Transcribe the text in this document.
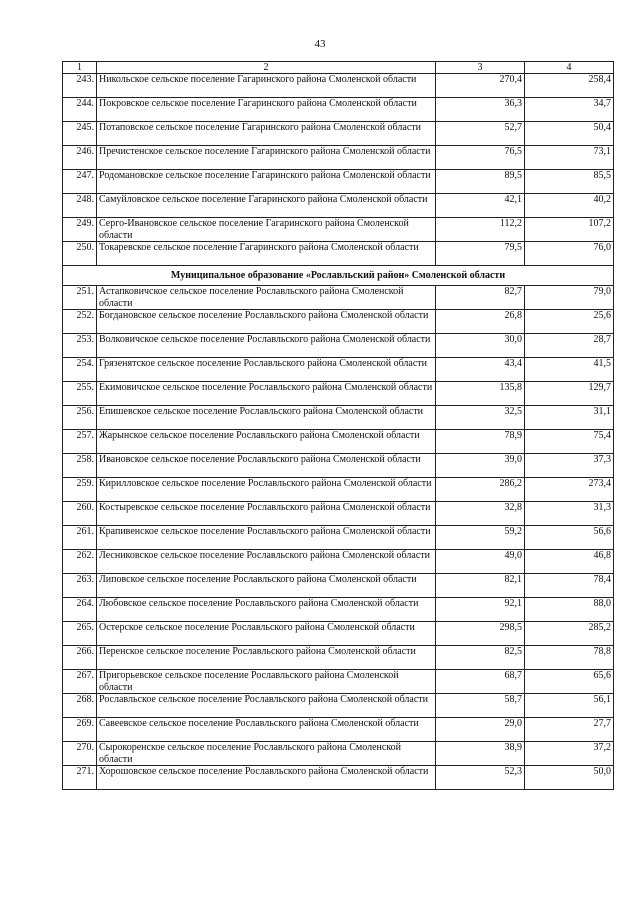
43
1	2	3	4
243.	Никольское сельское поселение Гагаринского района Смоленской области	270,4	258,4
244.	Покровское сельское поселение Гагаринского района Смоленской области	36,3	34,7
245.	Потаповское сельское поселение Гагаринского района Смоленской области	52,7	50,4
246.	Пречистенское сельское поселение Гагаринского района Смоленской области	76,5	73,1
247.	Родомановское сельское поселение Гагаринского района Смоленской области	89,5	85,5
248.	Самуйловское сельское поселение Гагаринского района Смоленской области	42,1	40,2
249.	Серго-Ивановское сельское поселение Гагаринского района Смоленской области	112,2	107,2
250.	Токаревское сельское поселение Гагаринского района Смоленской области	79,5	76,0
Муниципальное образование «Рославльский район» Смоленской области			
251.	Астапковичское сельское поселение Рославльского района Смоленской области	82,7	79,0
252.	Богдановское сельское поселение Рославльского района Смоленской области	26,8	25,6
253.	Волковичское сельское поселение Рославльского района Смоленской области	30,0	28,7
254.	Грязенятское сельское поселение Рославльского района Смоленской области	43,4	41,5
255.	Екимовичское сельское поселение Рославльского района Смоленской области	135,8	129,7
256.	Епишевское сельское поселение Рославльского района Смоленской области	32,5	31,1
257.	Жарынское сельское поселение Рославльского района Смоленской области	78,9	75,4
258.	Ивановское сельское поселение Рославльского района Смоленской области	39,0	37,3
259.	Кирилловское сельское поселение Рославльского района Смоленской области	286,2	273,4
260.	Костыревское сельское поселение Рославльского района Смоленской области	32,8	31,3
261.	Крапивенское сельское поселение Рославльского района Смоленской области	59,2	56,6
262.	Лесниковское сельское поселение Рославльского района Смоленской области	49,0	46,8
263.	Липовское сельское поселение Рославльского района Смоленской области	82,1	78,4
264.	Любовское сельское поселение Рославльского района Смоленской области	92,1	88,0
265.	Остерское сельское поселение Рославльского района Смоленской области	298,5	285,2
266.	Перенское сельское поселение Рославльского района Смоленской области	82,5	78,8
267.	Пригорьевское сельское поселение Рославльского района Смоленской области	68,7	65,6
268.	Рославльское сельское поселение Рославльского района Смоленской области	58,7	56,1
269.	Савеевское сельское поселение Рославльского района Смоленской области	29,0	27,7
270.	Сырокоренское сельское поселение Рославльского района Смоленской области	38,9	37,2
271.	Хорошовское сельское поселение Рославльского района Смоленской области	52,3	50,0
